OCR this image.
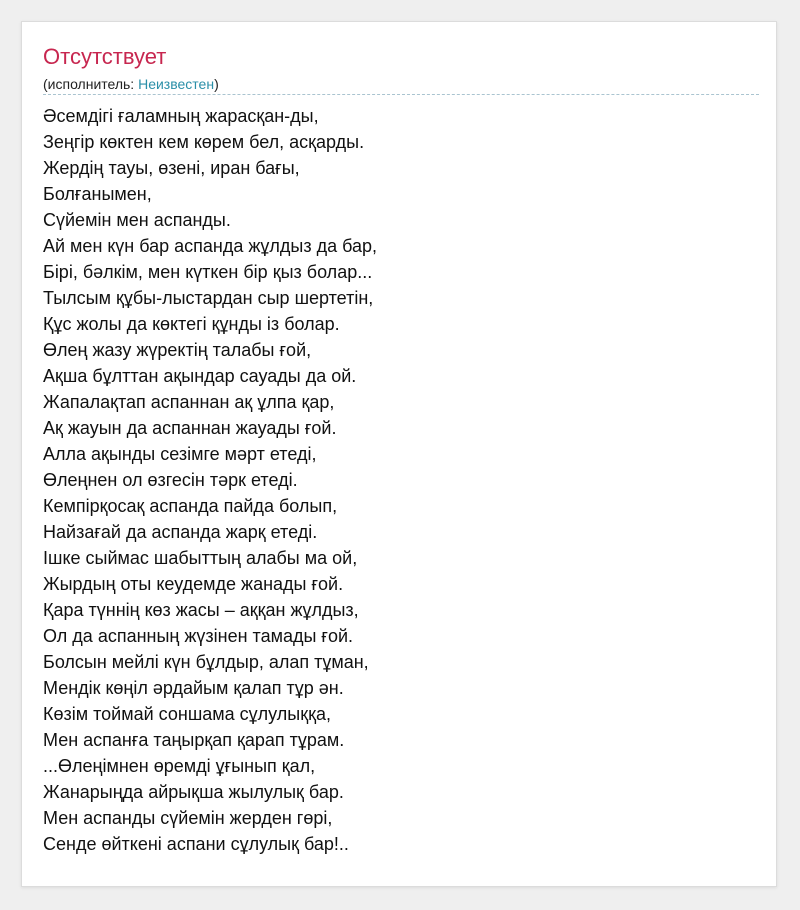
Отсутствует
(исполнитель: Неизвестен)
Әсемдігі ғаламның жарасқан-ды,
Зеңгір көктен кем көрем бел, асқарды.
Жердің тауы, өзені, иран бағы,
Болғанымен,
Сүйемін мен аспанды.
Ай мен күн бар аспанда жұлдыз да бар,
Бірі, бәлкім, мен күткен бір қыз болар...
Тылсым құбы-лыстардан сыр шертетін,
Құс жолы да көктегі құнды із болар.
Өлең жазу жүректің талабы ғой,
Ақша бұлттан ақындар сауады да ой.
Жапалақтап аспаннан ақ ұлпа қар,
Ақ жауын да аспаннан жауады ғой.
Алла ақынды сезімге мәрт етеді,
Өлеңнен ол өзгесін тәрк етеді.
Кемпірқосақ аспанда пайда болып,
Найзағай да аспанда жарқ етеді.
Ішке сыймас шабыттың алабы ма ой,
Жырдың оты кеудемде жанады ғой.
Қара түннің көз жасы – аққан жұлдыз,
Ол да аспанның жүзінен тамады ғой.
Болсын мейлі күн бұлдыр, алап тұман,
Мендік көңіл әрдайым қалап тұр ән.
Көзім тоймай соншама сұлулыққа,
Мен аспанға таңырқап қарап тұрам.
...Өлеңімнен өремді ұғынып қал,
Жанарыңда айрықша жылулық бар.
Мен аспанды сүйемін жерден гөрі,
Сенде өйткені аспани сұлулық бар!..
